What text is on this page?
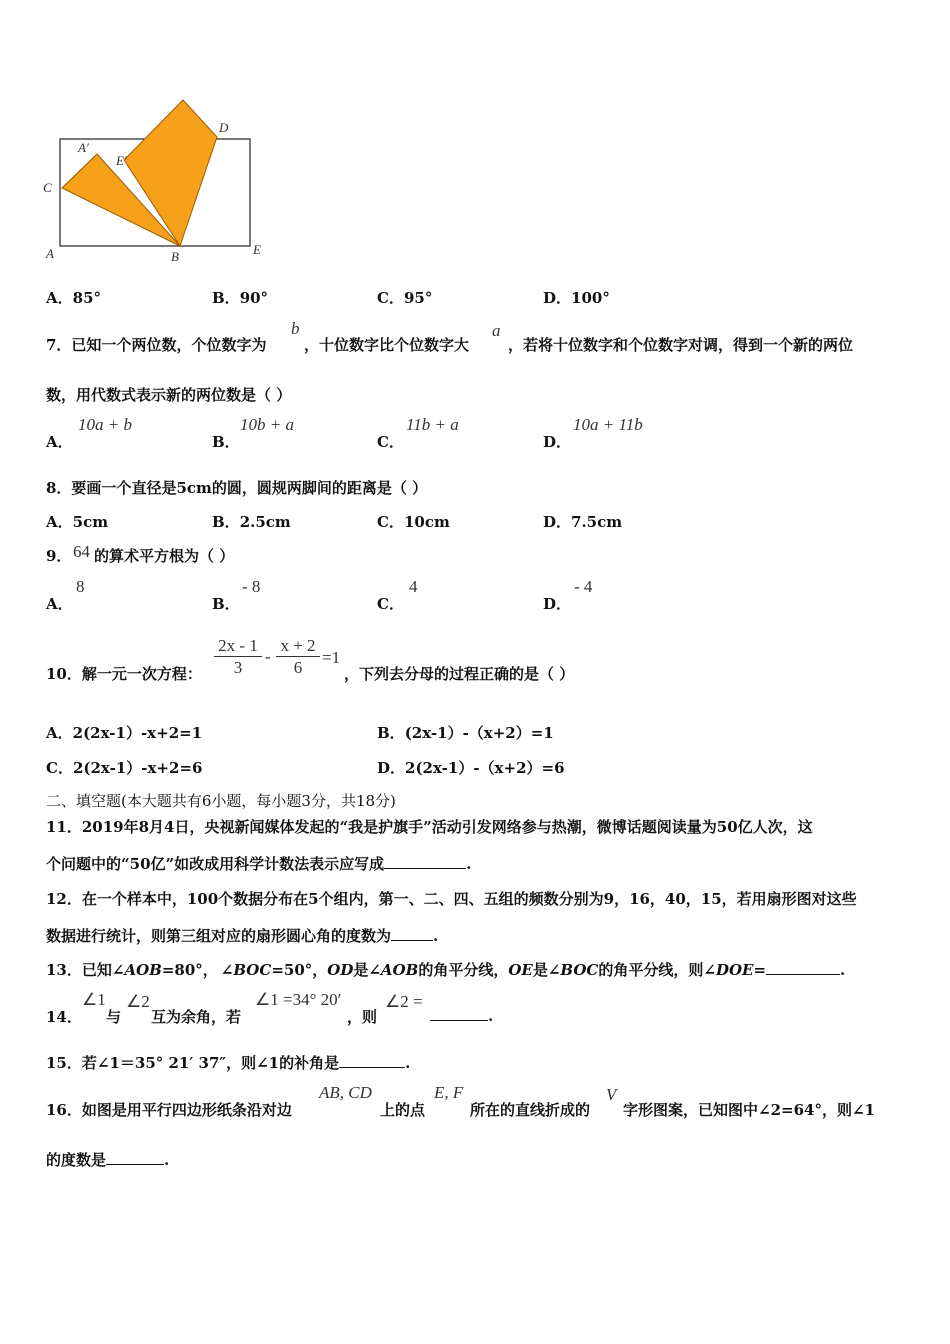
C
A′
E′
D
A	B	E
A．85°	B．90°	C．95°	D．100°
7．已知一个两位数，个位数字为
b
，十位数字比个位数字大
a
，若将十位数字和个位数字对调，得到一个新的两位
数，用代数式表示新的两位数是（ ）
A．
10a + b
B．
10b + a
C．
11b + a
D．
10a + 11b
8．要画一个直径是5cm的圆，圆规两脚间的距离是（ ）
A．5cm	B．2.5cm	C．10cm	D．7.5cm
9． 64 的算术平方根为（ ）
A．
8
B．
- 8
C．
4
D．
- 4
10．解一元一次方程： $\frac{2x - 1}{3} - \frac{x + 2}{6} =1$
，下列去分母的过程正确的是（ ）
A．2(2x-1）-x+2=1	B．(2x-1）-（x+2）=1
C．2(2x-1）-x+2=6	D．2(2x-1）-（x+2）=6
二、填空题(本大题共有6小题，每小题3分，共18分)
11．2019年8月4日，央视新闻媒体发起的“我是护旗手”活动引发网络参与热潮，微博话题阅读量为50亿人次，这
个问题中的“50亿”如改成用科学计数法表示应写成	.
12．在一个样本中，100个数据分布在5个组内，第一、二、四、五组的频数分别为9，16，40，15，若用扇形图对这些
数据进行统计，则第三组对应的扇形圆心角的度数为	.
13．已知∠AOB=80°，  ∠BOC=50°，OD是∠AOB的角平分线，OE是∠BOC的角平分线，则∠DOE=	.
14．
∠1
与
∠2
互为余角，若
∠1 =34° 20′
，则
∠2 =
.
15．若∠1＝35° 21′ 37″，则∠1的补角是	.
16．如图是用平行四边形纸条沿对边
AB, CD
上的点
E, F
所在的直线折成的
V
字形图案，已知图中∠2=64°，则∠1
的度数是	.
